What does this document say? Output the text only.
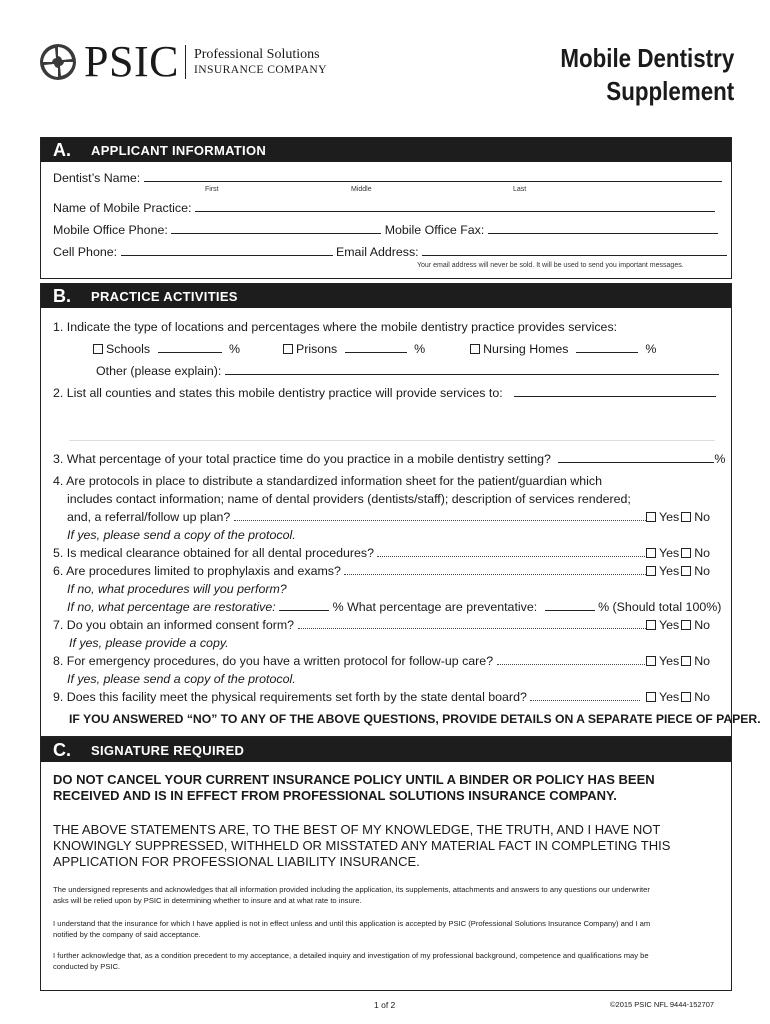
PSIC Professional Solutions
INSURANCE COMPANY	Mobile Dentistry
Supplement
A.	APPLICANT INFORMATION
Dentist’s Name:
First	Middle	Last
Name of Mobile Practice:
Mobile Office Phone:	Mobile Office Fax:
Cell Phone:	Email Address:
Your email address will never be sold. It will be used to send you important messages.
B.	PRACTICE ACTIVITIES
1. Indicate the type of locations and percentages where the mobile dentistry practice provides services:
Schools	%	Prisons	%	Nursing Homes	%
Other (please explain):
2. List all counties and states this mobile dentistry practice will provide services to:
3. What percentage of your total practice time do you practice in a mobile dentistry setting?	%
4. Are protocols in place to distribute a standardized information sheet for the patient/guardian which
includes contact information; name of dental providers (dentists/staff); description of services rendered;
and, a referral/follow up plan?	Yes No
If yes, please send a copy of the protocol.
5. Is medical clearance obtained for all dental procedures?	Yes No
6. Are procedures limited to prophylaxis and exams?	Yes No
If no, what procedures will you perform?
If no, what percentage are restorative:	% What percentage are preventative:	% (Should total 100%)
7. Do you obtain an informed consent form?	Yes No
If yes, please provide a copy.
8. For emergency procedures, do you have a written protocol for follow-up care?	Yes No
If yes, please send a copy of the protocol.
9. Does this facility meet the physical requirements set forth by the state dental board?	Yes No
IF YOU ANSWERED “NO” TO ANY OF THE ABOVE QUESTIONS, PROVIDE DETAILS ON A SEPARATE PIECE OF PAPER.
C.	SIGNATURE REQUIRED
DO NOT CANCEL YOUR CURRENT INSURANCE POLICY UNTIL A BINDER OR POLICY HAS BEEN
RECEIVED AND IS IN EFFECT FROM PROFESSIONAL SOLUTIONS INSURANCE COMPANY.
THE ABOVE STATEMENTS ARE, TO THE BEST OF MY KNOWLEDGE, THE TRUTH, AND I HAVE NOT
KNOWINGLY SUPPRESSED, WITHHELD OR MISSTATED ANY MATERIAL FACT IN COMPLETING THIS
APPLICATION FOR PROFESSIONAL LIABILITY INSURANCE.
The undersigned represents and acknowledges that all information provided including the application, its supplements, attachments and answers to any questions our underwriter
asks will be relied upon by PSIC in determining whether to insure and at what rate to insure.
I understand that the insurance for which I have applied is not in effect unless and until this application is accepted by PSIC (Professional Solutions Insurance Company) and I am
notified by the company of said acceptance.
I further acknowledge that, as a condition precedent to my acceptance, a detailed inquiry and investigation of my professional background, competence and qualifications may be
conducted by PSIC.
1 of 2	©2015 PSIC NFL 9444-152707
